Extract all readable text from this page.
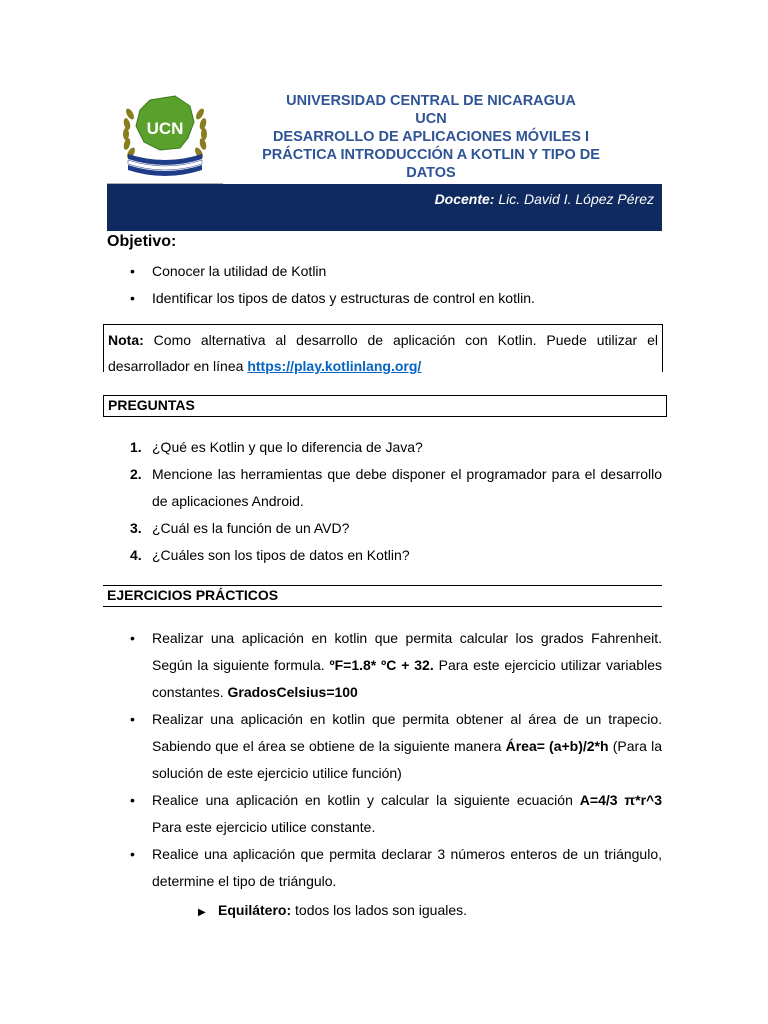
UCN
UNIVERSIDAD CENTRAL DE NICARAGUA
UCN
DESARROLLO DE APLICACIONES MÓVILES I
PRÁCTICA INTRODUCCIÓN A KOTLIN Y TIPO DE
DATOS
Docente: Lic. David I. López Pérez
Objetivo:
• Conocer la utilidad de Kotlin
• Identificar los tipos de datos y estructuras de control en kotlin.
Nota: Como alternativa al desarrollo de aplicación con Kotlin. Puede utilizar el desarrollador en línea https://play.kotlinlang.org/
PREGUNTAS
1. ¿Qué es Kotlin y que lo diferencia de Java?
2. Mencione las herramientas que debe disponer el programador para el desarrollo de aplicaciones Android.
3. ¿Cuál es la función de un AVD?
4. ¿Cuáles son los tipos de datos en Kotlin?
EJERCICIOS PRÁCTICOS
• Realizar una aplicación en kotlin que permita calcular los grados Fahrenheit. Según la siguiente formula. ºF=1.8* ºC + 32. Para este ejercicio utilizar variables constantes. GradosCelsius=100
• Realizar una aplicación en kotlin que permita obtener al área de un trapecio. Sabiendo que el área se obtiene de la siguiente manera Área= (a+b)/2*h (Para la solución de este ejercicio utilice función)
• Realice una aplicación en kotlin y calcular la siguiente ecuación A=4/3 π*r^3 Para este ejercicio utilice constante.
• Realice una aplicación que permita declarar 3 números enteros de un triángulo, determine el tipo de triángulo.
▶ Equilátero: todos los lados son iguales.
